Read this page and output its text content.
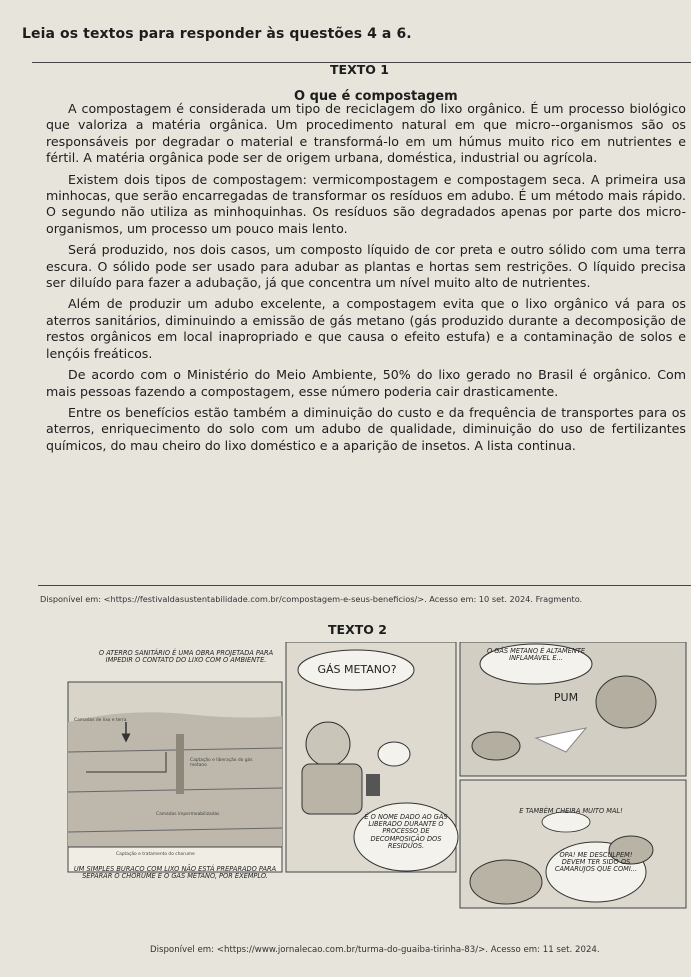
Leia os textos para responder às questões 4 a 6.
TEXTO 1
O que é compostagem

A compostagem é considerada um tipo de reciclagem do lixo orgânico. É um processo biológico que valoriza a matéria orgânica. Um procedimento natural em que micro--organismos são os responsáveis por degradar o material e transformá-lo em um húmus muito rico em nutrientes e fértil. A matéria orgânica pode ser de origem urbana, doméstica, industrial ou agrícola.

Existem dois tipos de compostagem: vermicompostagem e compostagem seca. A primeira usa minhocas, que serão encarregadas de transformar os resíduos em adubo. É um método mais rápido. O segundo não utiliza as minhoquinhas. Os resíduos são degradados apenas por parte dos micro-organismos, um processo um pouco mais lento.

Será produzido, nos dois casos, um composto líquido de cor preta e outro sólido com uma terra escura. O sólido pode ser usado para adubar as plantas e hortas sem restrições. O líquido precisa ser diluído para fazer a adubação, já que concentra um nível muito alto de nutrientes.

Além de produzir um adubo excelente, a compostagem evita que o lixo orgânico vá para os aterros sanitários, diminuindo a emissão de gás metano (gás produzido durante a decomposição de restos orgânicos em local inapropriado e que causa o efeito estufa) e a contaminação de solos e lençóis freáticos.

De acordo com o Ministério do Meio Ambiente, 50% do lixo gerado no Brasil é orgânico. Com mais pessoas fazendo a compostagem, esse número poderia cair drasticamente.

Entre os benefícios estão também a diminuição do custo e da frequência de transportes para os aterros, enriquecimento do solo com um adubo de qualidade, diminuição do uso de fertilizantes químicos, do mau cheiro do lixo doméstico e a aparição de insetos. A lista continua.

Disponível em: <https://festivaldasustentabilidade.com.br/compostagem-e-seus-beneficios/>. Acesso em: 10 set. 2024. Fragmento.
TEXTO 2
O ATERRO SANITÁRIO É UMA OBRA PROJETADA PARA IMPEDIR O CONTATO DO LIXO COM O AMBIENTE.
Camadas de lixo e terra
Captação e liberação do gás metano
Camadas impermeabilizadas
Captação e tratamento do chorume
UM SIMPLES BURACO COM LIXO NÃO ESTÁ PREPARADO PARA SEPARAR O CHORUME E O GÁS METANO, POR EXEMPLO.
GÁS METANO?
É O NOME DADO AO GÁS LIBERADO DURANTE O PROCESSO DE DECOMPOSIÇÃO DOS RESÍDUOS.
O GÁS METANO É ALTAMENTE INFLAMÁVEL E...
PUM
E TAMBÉM CHEIRA MUITO MAL!
OPA! ME DESCULPEM! DEVEM TER SIDO OS CAMARUJOS QUE COMI...
Disponível em: <https://www.jornalecao.com.br/turma-do-guaiba-tirinha-83/>. Acesso em: 11 set. 2024.
